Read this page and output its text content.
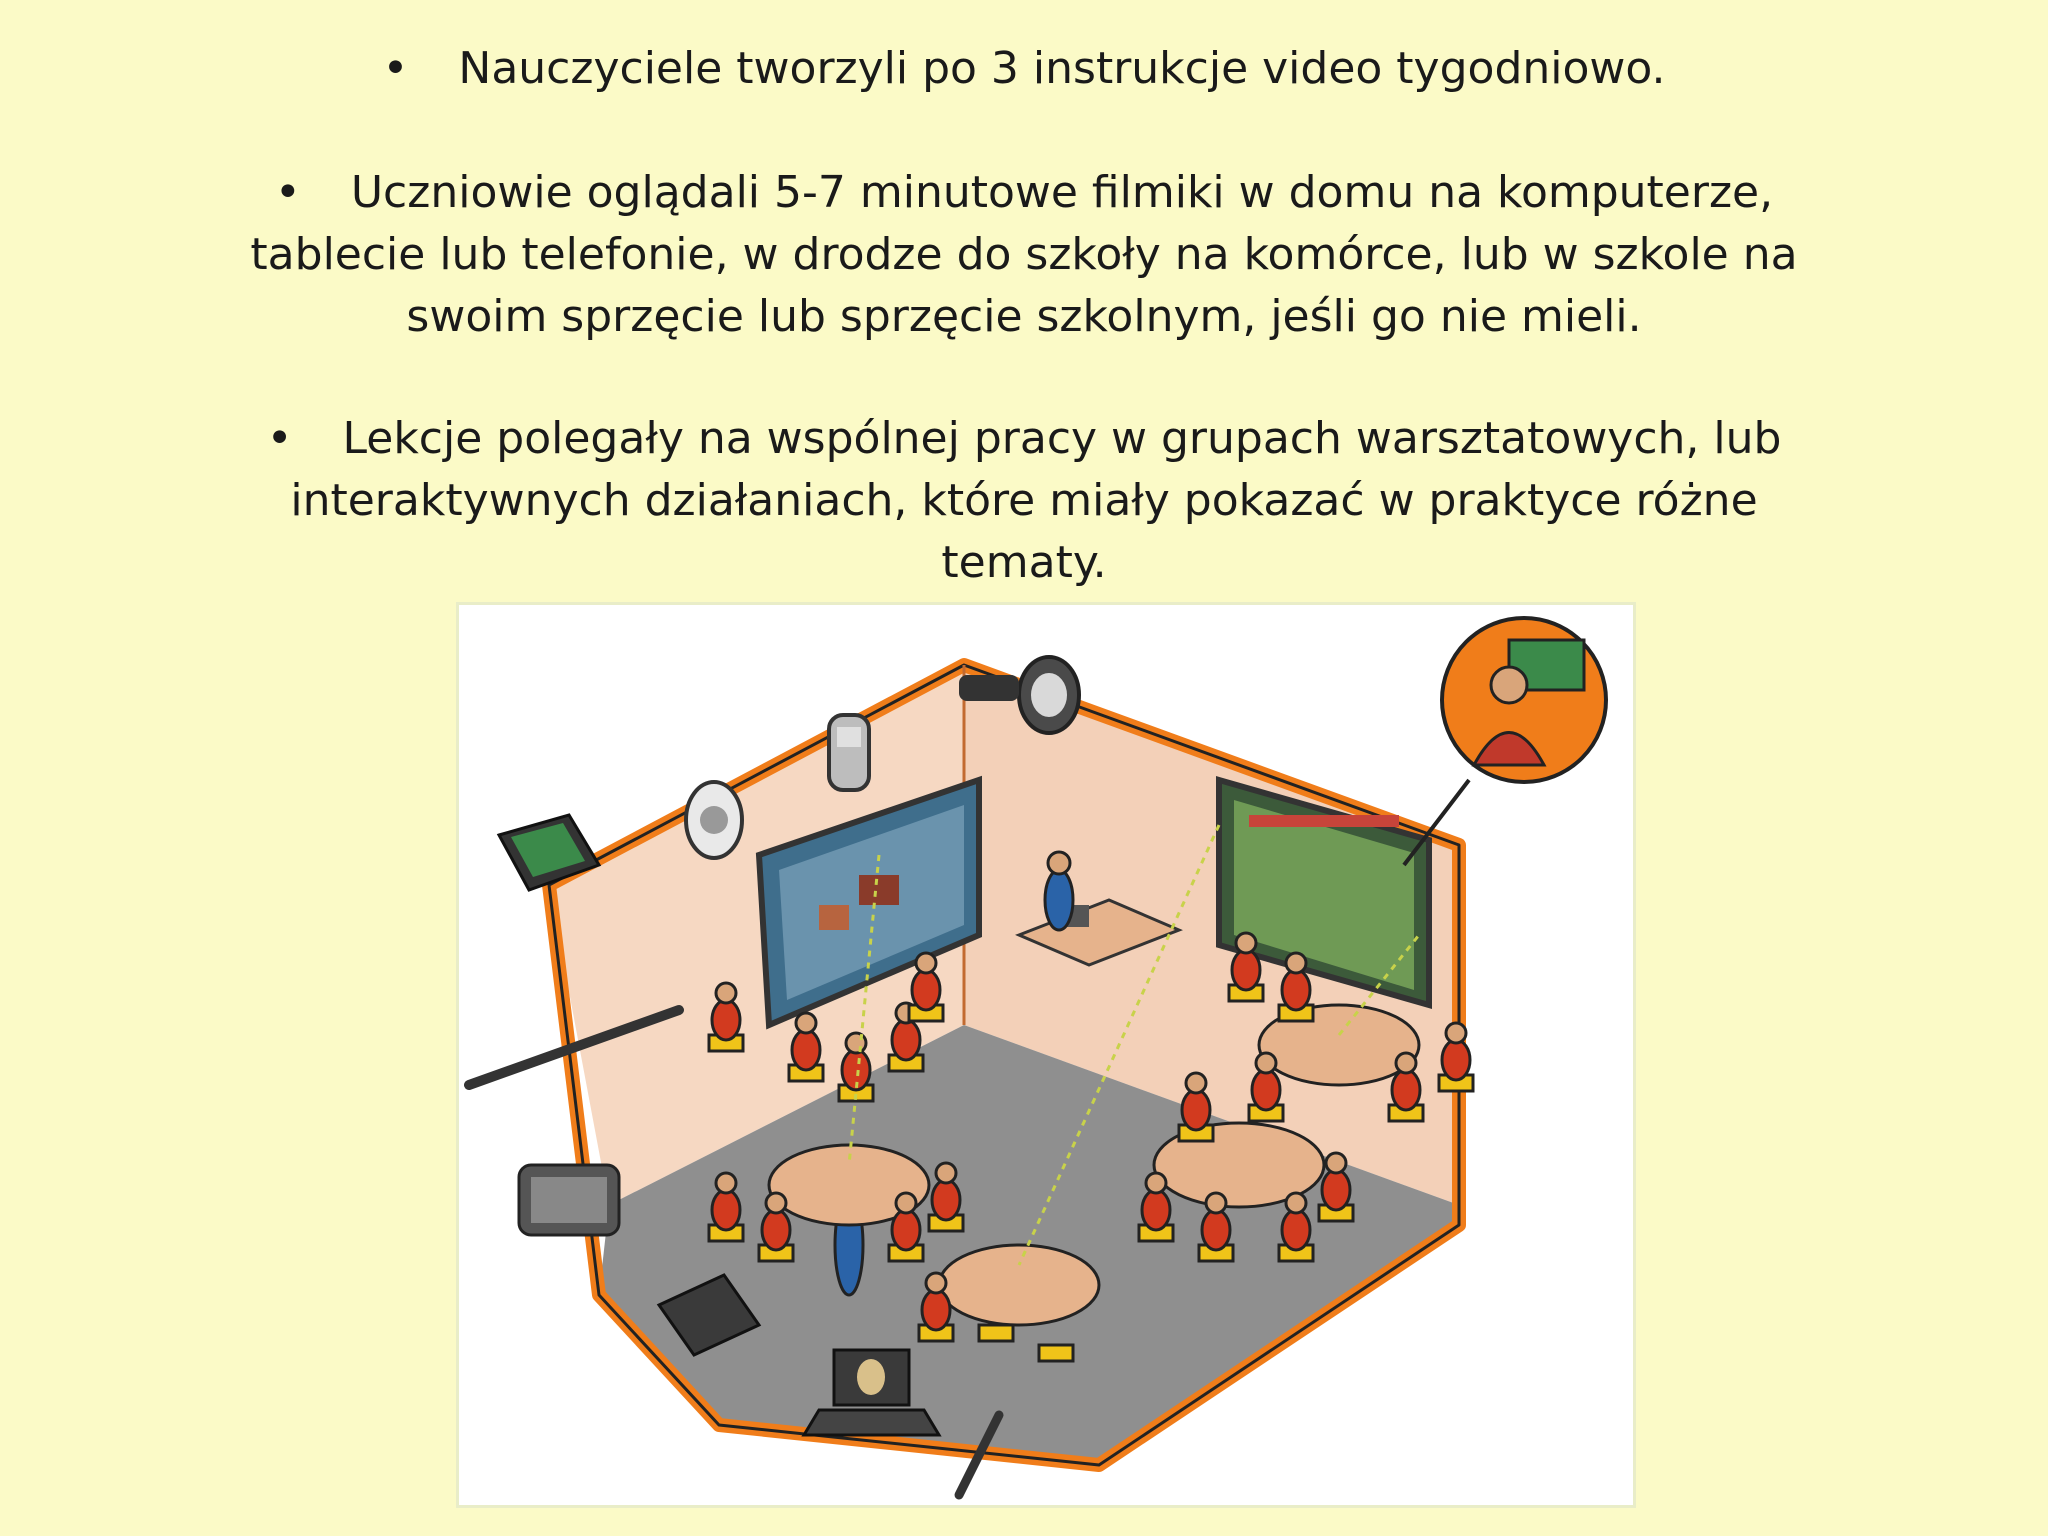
• Nauczyciele tworzyli po 3 instrukcje video tygodniowo.
• Uczniowie oglądali 5-7 minutowe filmiki w domu na komputerze,
tablecie lub telefonie, w drodze do szkoły na komórce, lub w szkole na
swoim sprzęcie lub sprzęcie szkolnym, jeśli go nie mieli.
• Lekcje polegały na wspólnej pracy w grupach warsztatowych, lub
interaktywnych działaniach, które miały pokazać w praktyce różne
tematy.
